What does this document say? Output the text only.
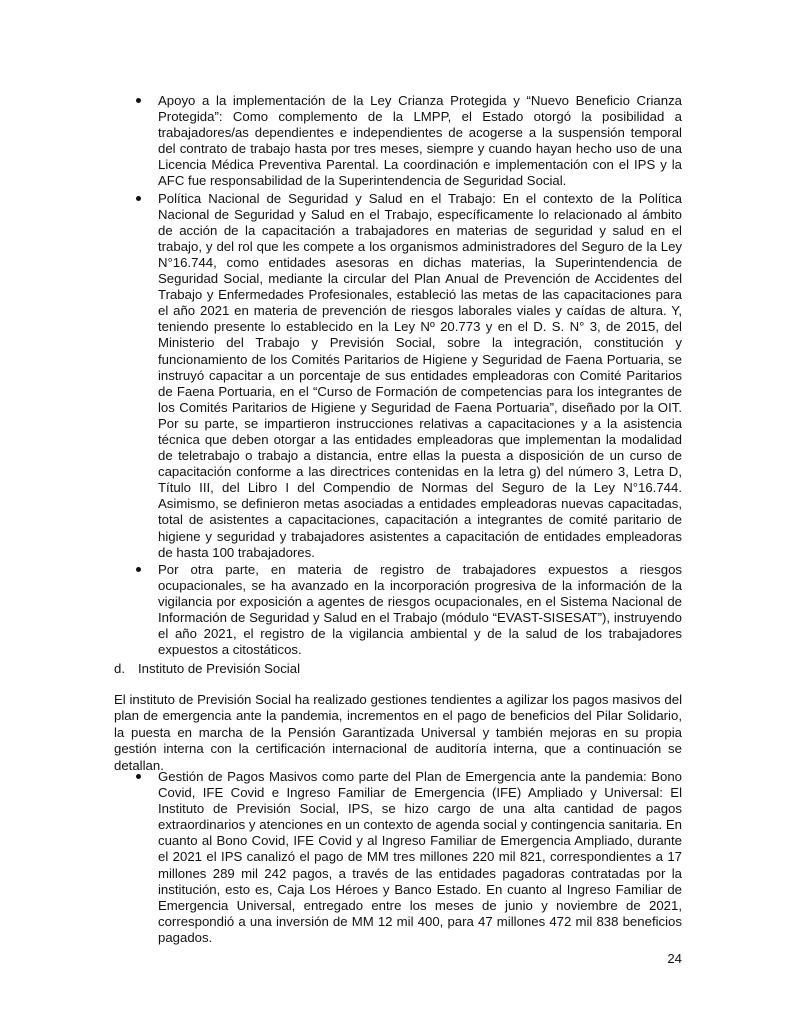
Apoyo a la implementación de la Ley Crianza Protegida y “Nuevo Beneficio Crianza Protegida”: Como complemento de la LMPP, el Estado otorgó la posibilidad a trabajadores/as dependientes e independientes de acogerse a la suspensión temporal del contrato de trabajo hasta por tres meses, siempre y cuando hayan hecho uso de una Licencia Médica Preventiva Parental. La coordinación e implementación con el IPS y la AFC fue responsabilidad de la Superintendencia de Seguridad Social.
Política Nacional de Seguridad y Salud en el Trabajo: En el contexto de la Política Nacional de Seguridad y Salud en el Trabajo, específicamente lo relacionado al ámbito de acción de la capacitación a trabajadores en materias de seguridad y salud en el trabajo, y del rol que les compete a los organismos administradores del Seguro de la Ley N°16.744, como entidades asesoras en dichas materias, la Superintendencia de Seguridad Social, mediante la circular del Plan Anual de Prevención de Accidentes del Trabajo y Enfermedades Profesionales, estableció las metas de las capacitaciones para el año 2021 en materia de prevención de riesgos laborales viales y caídas de altura. Y, teniendo presente lo establecido en la Ley Nº 20.773 y en el D. S. N° 3, de 2015, del Ministerio del Trabajo y Previsión Social, sobre la integración, constitución y funcionamiento de los Comités Paritarios de Higiene y Seguridad de Faena Portuaria, se instruyó capacitar a un porcentaje de sus entidades empleadoras con Comité Paritarios de Faena Portuaria, en el “Curso de Formación de competencias para los integrantes de los Comités Paritarios de Higiene y Seguridad de Faena Portuaria”, diseñado por la OIT. Por su parte, se impartieron instrucciones relativas a capacitaciones y a la asistencia técnica que deben otorgar a las entidades empleadoras que implementan la modalidad de teletrabajo o trabajo a distancia, entre ellas la puesta a disposición de un curso de capacitación conforme a las directrices contenidas en la letra g) del número 3, Letra D, Título III, del Libro I del Compendio de Normas del Seguro de la Ley N°16.744. Asimismo, se definieron metas asociadas a entidades empleadoras nuevas capacitadas, total de asistentes a capacitaciones, capacitación a integrantes de comité paritario de higiene y seguridad y trabajadores asistentes a capacitación de entidades empleadoras de hasta 100 trabajadores.
Por otra parte, en materia de registro de trabajadores expuestos a riesgos ocupacionales, se ha avanzado en la incorporación progresiva de la información de la vigilancia por exposición a agentes de riesgos ocupacionales, en el Sistema Nacional de Información de Seguridad y Salud en el Trabajo (módulo “EVAST-SISESAT”), instruyendo el año 2021, el registro de la vigilancia ambiental y de la salud de los trabajadores expuestos a citostáticos.

d. Instituto de Previsión Social

El instituto de Previsión Social ha realizado gestiones tendientes a agilizar los pagos masivos del plan de emergencia ante la pandemia, incrementos en el pago de beneficios del Pilar Solidario, la puesta en marcha de la Pensión Garantizada Universal y también mejoras en su propia gestión interna con la certificación internacional de auditoría interna, que a continuación se detallan.

Gestión de Pagos Masivos como parte del Plan de Emergencia ante la pandemia: Bono Covid, IFE Covid e Ingreso Familiar de Emergencia (IFE) Ampliado y Universal: El Instituto de Previsión Social, IPS, se hizo cargo de una alta cantidad de pagos extraordinarios y atenciones en un contexto de agenda social y contingencia sanitaria. En cuanto al Bono Covid, IFE Covid y al Ingreso Familiar de Emergencia Ampliado, durante el 2021 el IPS canalizó el pago de MM tres millones 220 mil 821, correspondientes a 17 millones 289 mil 242 pagos, a través de las entidades pagadoras contratadas por la institución, esto es, Caja Los Héroes y Banco Estado. En cuanto al Ingreso Familiar de Emergencia Universal, entregado entre los meses de junio y noviembre de 2021, correspondió a una inversión de MM 12 mil 400, para 47 millones 472 mil 838 beneficios pagados.
24
